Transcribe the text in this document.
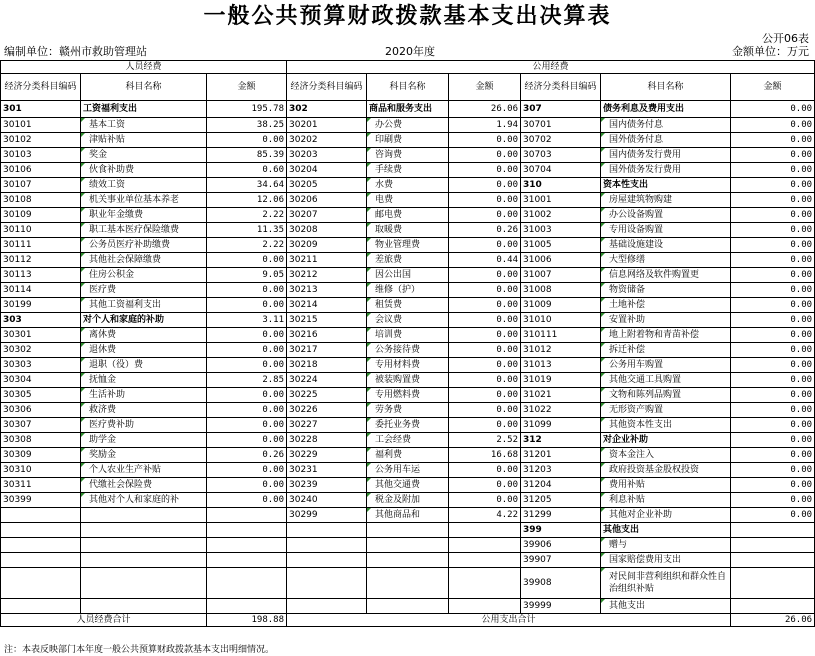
一般公共预算财政拨款基本支出决算表
公开06表
编制单位：赣州市救助管理站	2020年度	金额单位：万元
人员经费			公用经费					
经济分类科目编码	科目名称	金额	经济分类科目编码	科目名称	金额	经济分类科目编码	科目名称	金额
301	工资福利支出	195.78	302	商品和服务支出	26.06	307	债务利息及费用支出	0.00
30101	基本工资	38.25	30201	办公费	1.94	30701	国内债务付息	0.00
30102	津贴补贴	0.00	30202	印刷费	0.00	30702	国外债务付息	0.00
30103	奖金	85.39	30203	咨询费	0.00	30703	国内债务发行费用	0.00
30106	伙食补助费	0.60	30204	手续费	0.00	30704	国外债务发行费用	0.00
30107	绩效工资	34.64	30205	水费	0.00	310	资本性支出	0.00
30108	机关事业单位基本养老	12.06	30206	电费	0.00	31001	房屋建筑物购建	0.00
30109	职业年金缴费	2.22	30207	邮电费	0.00	31002	办公设备购置	0.00
30110	职工基本医疗保险缴费	11.35	30208	取暖费	0.26	31003	专用设备购置	0.00
30111	公务员医疗补助缴费	2.22	30209	物业管理费	0.00	31005	基础设施建设	0.00
30112	其他社会保障缴费	0.00	30211	差旅费	0.44	31006	大型修缮	0.00
30113	住房公积金	9.05	30212	因公出国	0.00	31007	信息网络及软件购置更	0.00
30114	医疗费	0.00	30213	维修（护）	0.00	31008	物资储备	0.00
30199	其他工资福利支出	0.00	30214	租赁费	0.00	31009	土地补偿	0.00
303	对个人和家庭的补助	3.11	30215	会议费	0.00	31010	安置补助	0.00
30301	离休费	0.00	30216	培训费	0.00	310111	地上附着物和青苗补偿	0.00
30302	退休费	0.00	30217	公务接待费	0.00	31012	拆迁补偿	0.00
30303	退职（役）费	0.00	30218	专用材料费	0.00	31013	公务用车购置	0.00
30304	抚恤金	2.85	30224	被装购置费	0.00	31019	其他交通工具购置	0.00
30305	生活补助	0.00	30225	专用燃料费	0.00	31021	文物和陈列品购置	0.00
30306	救济费	0.00	30226	劳务费	0.00	31022	无形资产购置	0.00
30307	医疗费补助	0.00	30227	委托业务费	0.00	31099	其他资本性支出	0.00
30308	助学金	0.00	30228	工会经费	2.52	312	对企业补助	0.00
30309	奖励金	0.26	30229	福利费	16.68	31201	资本金注入	0.00
30310	个人农业生产补贴	0.00	30231	公务用车运	0.00	31203	政府投资基金股权投资	0.00
30311	代缴社会保险费	0.00	30239	其他交通费	0.00	31204	费用补贴	0.00
30399	其他对个人和家庭的补	0.00	30240	税金及附加	0.00	31205	利息补贴	0.00
			30299	其他商品和	4.22	31299	其他对企业补助	0.00
						399	其他支出	
						39906	赠与	
						39907	国家赔偿费用支出	
						39908	对民间非营利组织和群众性自治组织补贴	
						39999	其他支出	
人员经费合计		198.88	公用支出合计					26.06
注：本表反映部门本年度一般公共预算财政拨款基本支出明细情况。
